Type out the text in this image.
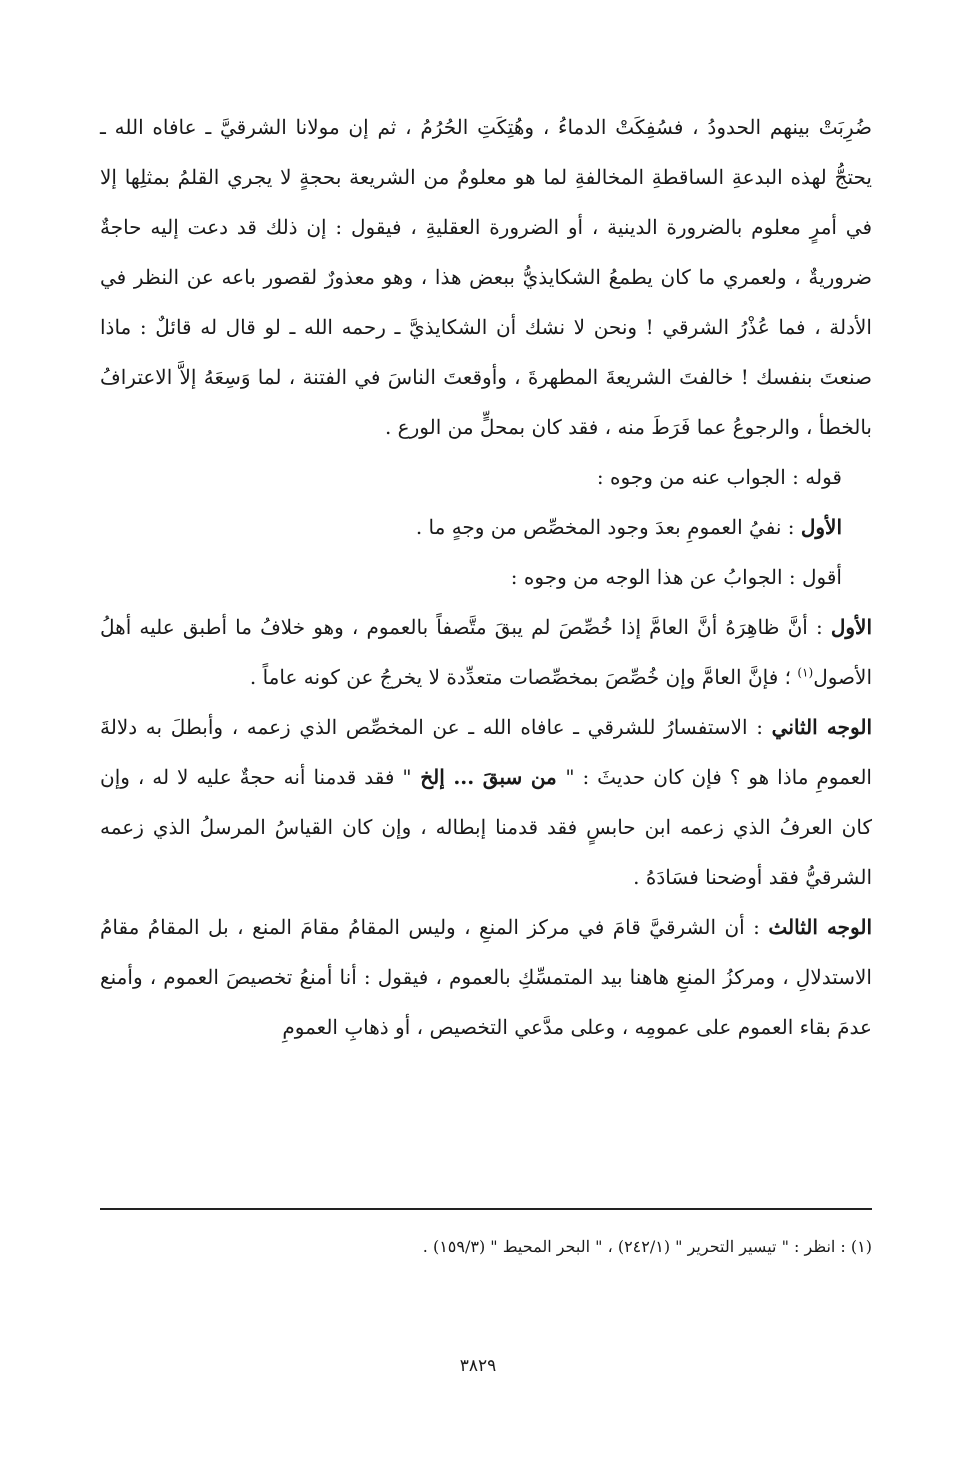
ضُرِبَتْ بينهم الحدودُ ، فسُفِكَتْ الدماءُ ، وهُتِكَتِ الحُرُمُ ، ثم إن مولانا الشرقيَّ ـ عافاه الله ـ يحتجُّ لهذه البدعةِ الساقطةِ المخالفةِ لما هو معلومٌ من الشريعة بحجةٍ لا يجري القلمُ بمثلِها إلا في أمرٍ معلوم بالضرورة الدينية ، أو الضرورة العقليةِ ، فيقول : إن ذلك قد دعت إليه حاجةٌ ضروريةٌ ، ولعمري ما كان يطمعُ الشكايذيُّ ببعض هذا ، وهو معذورٌ لقصور باعه عن النظر في الأدلة ، فما عُذْرُ الشرقي ! ونحن لا نشك أن الشكايذيَّ ـ رحمه الله ـ لو قال له قائلٌ : ماذا صنعتَ بنفسك ! خالفتَ الشريعةَ المطهرةَ ، وأوقعتَ الناسَ في الفتنة ، لما وَسِعَهُ إلاَّ الاعترافُ بالخطأ ، والرجوعُ عما فَرَطَ منه ، فقد كان بمحلٍّ من الورع .

قوله : الجواب عنه من وجوه :

الأول : نفيُ العمومِ بعدَ وجود المخصِّص من وجهٍ ما .

أقول : الجوابُ عن هذا الوجه من وجوه :

الأول : أنَّ ظاهِرَهُ أنَّ العامَّ إذا خُصِّصَ لم يبقَ متَّصفاً بالعموم ، وهو خلافُ ما أطبق عليه أهلُ الأصول$^{(١)}$ ؛ فإنَّ العامَّ وإن خُصِّصَ بمخصِّصات متعدِّدة لا يخرجُ عن كونه عاماً .

الوجه الثاني : الاستفسارُ للشرقي ـ عافاه الله ـ عن المخصِّص الذي زعمه ، وأبطلَ به دلالةَ العمومِ ماذا هو ؟ فإن كان حديثَ : " من سبقَ ... إلخ " فقد قدمنا أنه حجةٌ عليه لا له ، وإن كان العرفُ الذي زعمه ابن حابسٍ فقد قدمنا إبطاله ، وإن كان القياسُ المرسلُ الذي زعمه الشرقيُّ فقد أوضحنا فسَادَهُ .

الوجه الثالث : أن الشرقيَّ قامَ في مركز المنعِ ، وليس المقامُ مقامَ المنع ، بل المقامُ مقامُ الاستدلالِ ، ومركزُ المنعِ هاهنا بيد المتمسِّكِ بالعموم ، فيقول : أنا أمنعُ تخصيصَ العموم ، وأمنع عدمَ بقاء العموم على عمومِه ، وعلى مدَّعي التخصيص ، أو ذهابِ العمومِ

(١) : انظر : " تيسير التحرير " (٢٤٢/١) ، " البحر المحيط " (١٥٩/٣) .
٣٨٢٩
